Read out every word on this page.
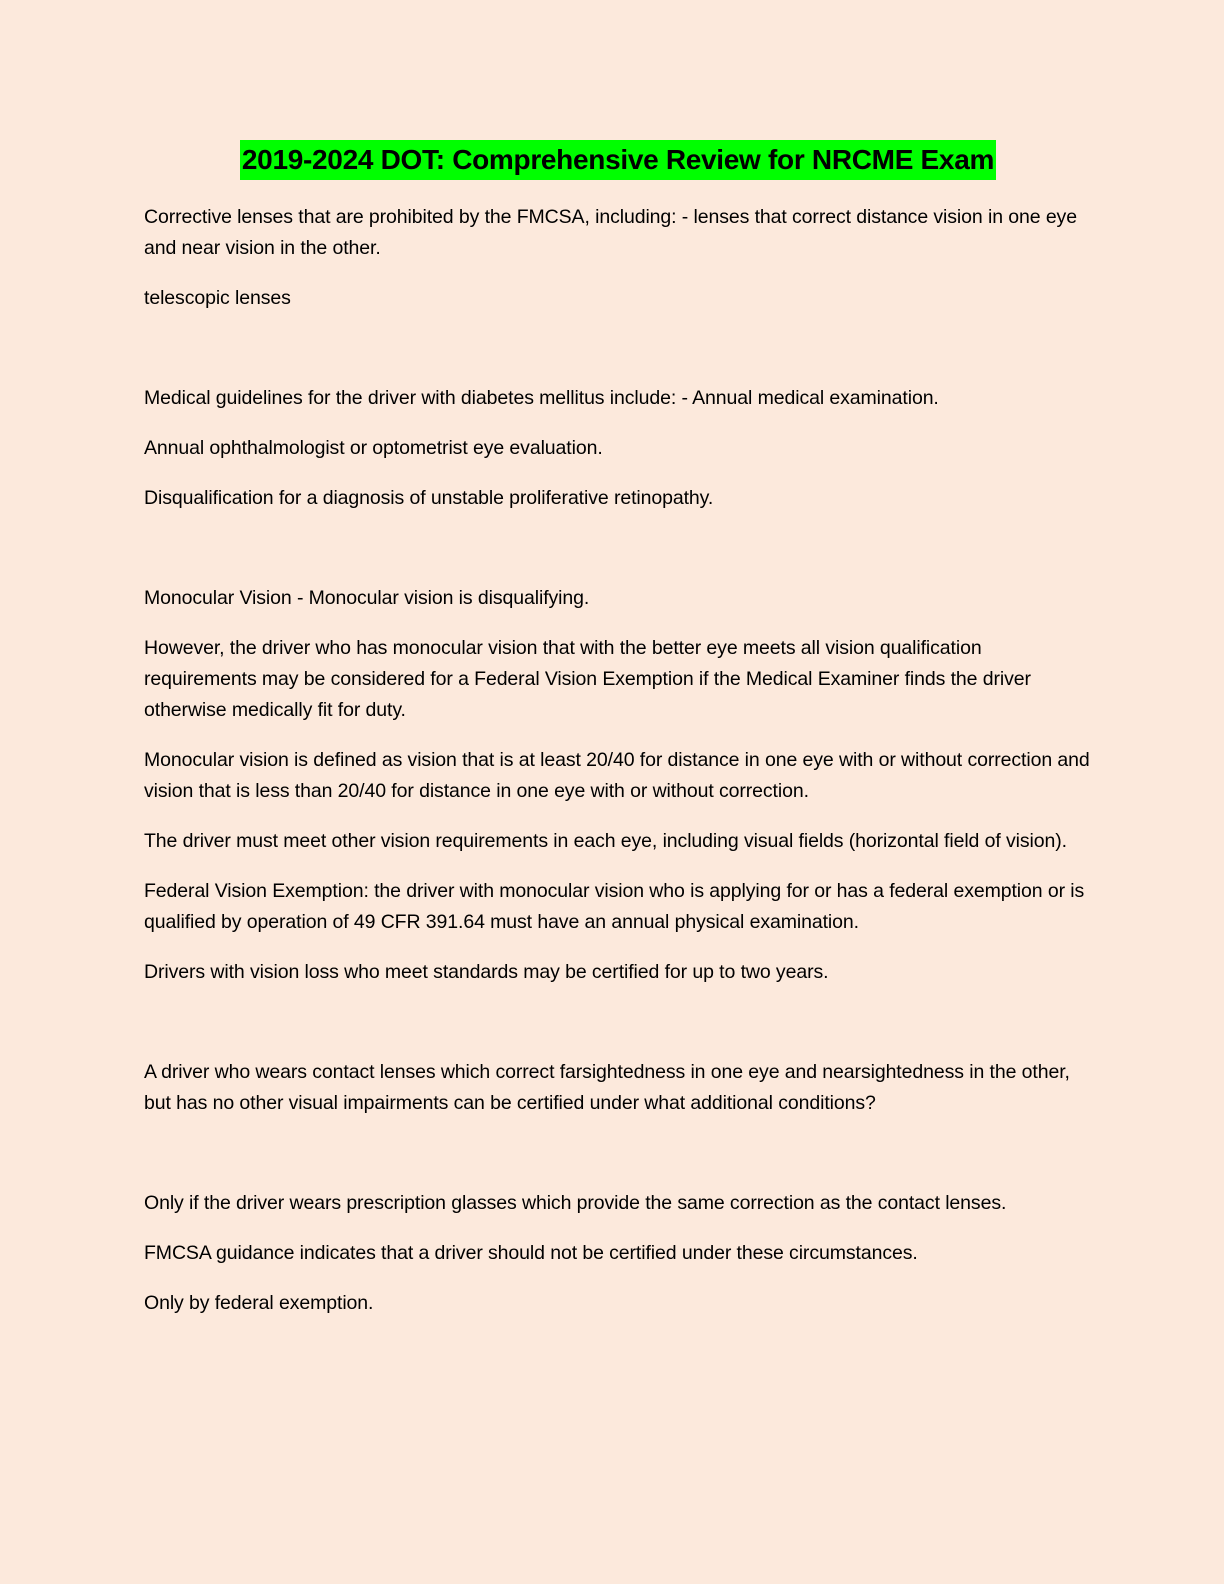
2019-2024 DOT: Comprehensive Review for NRCME Exam

Corrective lenses that are prohibited by the FMCSA, including: - lenses that correct distance vision in one eye and near vision in the other.

telescopic lenses

Medical guidelines for the driver with diabetes mellitus include: - Annual medical examination.

Annual ophthalmologist or optometrist eye evaluation.

Disqualification for a diagnosis of unstable proliferative retinopathy.

Monocular Vision - Monocular vision is disqualifying.

However, the driver who has monocular vision that with the better eye meets all vision qualification requirements may be considered for a Federal Vision Exemption if the Medical Examiner finds the driver otherwise medically fit for duty.

Monocular vision is defined as vision that is at least 20/40 for distance in one eye with or without correction and vision that is less than 20/40 for distance in one eye with or without correction.

The driver must meet other vision requirements in each eye, including visual fields (horizontal field of vision).

Federal Vision Exemption: the driver with monocular vision who is applying for or has a federal exemption or is qualified by operation of 49 CFR 391.64 must have an annual physical examination.

Drivers with vision loss who meet standards may be certified for up to two years.

A driver who wears contact lenses which correct farsightedness in one eye and nearsightedness in the other, but has no other visual impairments can be certified under what additional conditions?

Only if the driver wears prescription glasses which provide the same correction as the contact lenses.

FMCSA guidance indicates that a driver should not be certified under these circumstances.

Only by federal exemption.
